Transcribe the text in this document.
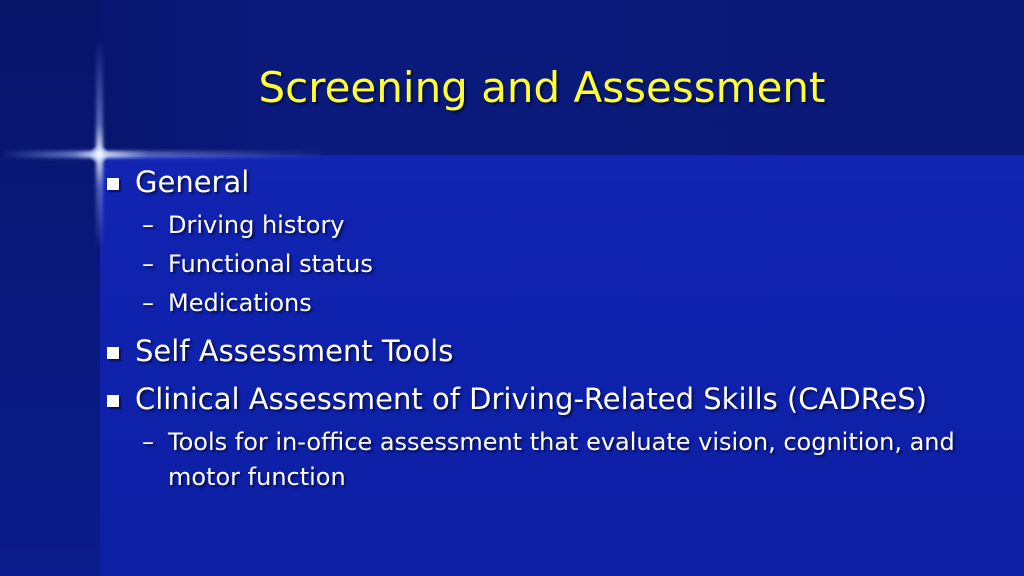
Screening and Assessment
General
– Driving history
– Functional status
– Medications
Self Assessment Tools
Clinical Assessment of Driving-Related Skills (CADReS)
– Tools for in-office assessment that evaluate vision, cognition, and motor function
